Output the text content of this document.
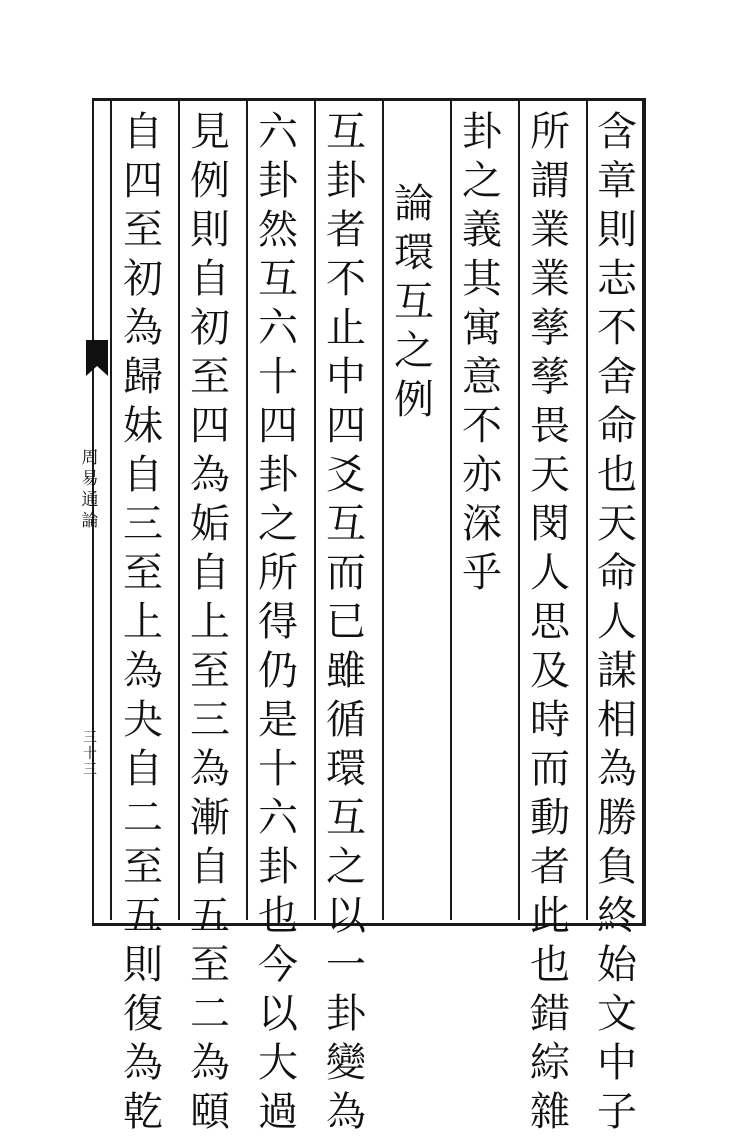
含
章
則
志
不
舍
命
也
天
命
人
謀
相
為
勝
負
終
始
文
中
子
所
謂
業
業
孳
孳
畏
天
閔
人
思
及
時
而
動
者
此
也
錯
綜
雜
卦
之
義
其
寓
意
不
亦
深
乎
論
環
互
之
例
互
卦
者
不
止
中
四
爻
互
而
已
雖
循
環
互
之
以
一
卦
變
為
六
卦
然
互
六
十
四
卦
之
所
得
仍
是
十
六
卦
也
今
以
大
過
見
例
則
自
初
至
四
為
姤
自
上
至
三
為
漸
自
五
至
二
為
頤
自
四
至
初
為
歸
妹
自
三
至
上
為
夬
自
二
至
五
則
復
為
乾
周
易
通
論
三
十
三
